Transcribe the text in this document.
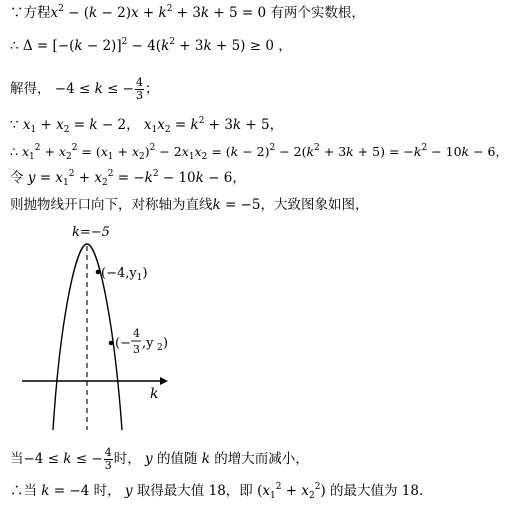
∵方程$x^2 - (k - 2)x + k^2 + 3k + 5 = 0$ 有两个实数根，
∴ $\Delta = [-(k - 2)]^2 - 4(k^2 + 3k + 5) \ge 0$ ，
解得， −4 ≤ k ≤ − $\frac{4}{3}$ ；
∵ $x_1 + x_2 = k - 2$， $x_1x_2 = k^2 + 3k + 5$，
∴ $x_1^2 + x_2^2 = (x_1 + x_2)^2 - 2x_1x_2 = (k - 2)^2 - 2(k^2 + 3k + 5) = -k^2 - 10k - 6$，
令 $y = x_1^2 + x_2^2 = -k^2 - 10k - 6$，
则抛物线开口向下，对称轴为直线k = −5，大致图象如图，
k
k=−5
$(-4,y_1)$
(−
4
3 ,y 2 )
当−4 ≤ k ≤ − $\frac{4}{3}$ 时， y 的值随 k 的增大而减小，
∴当 k = −4 时， y 取得最大值 18，即 $(x_1^2 + x_2^2)$ 的最大值为 18.
